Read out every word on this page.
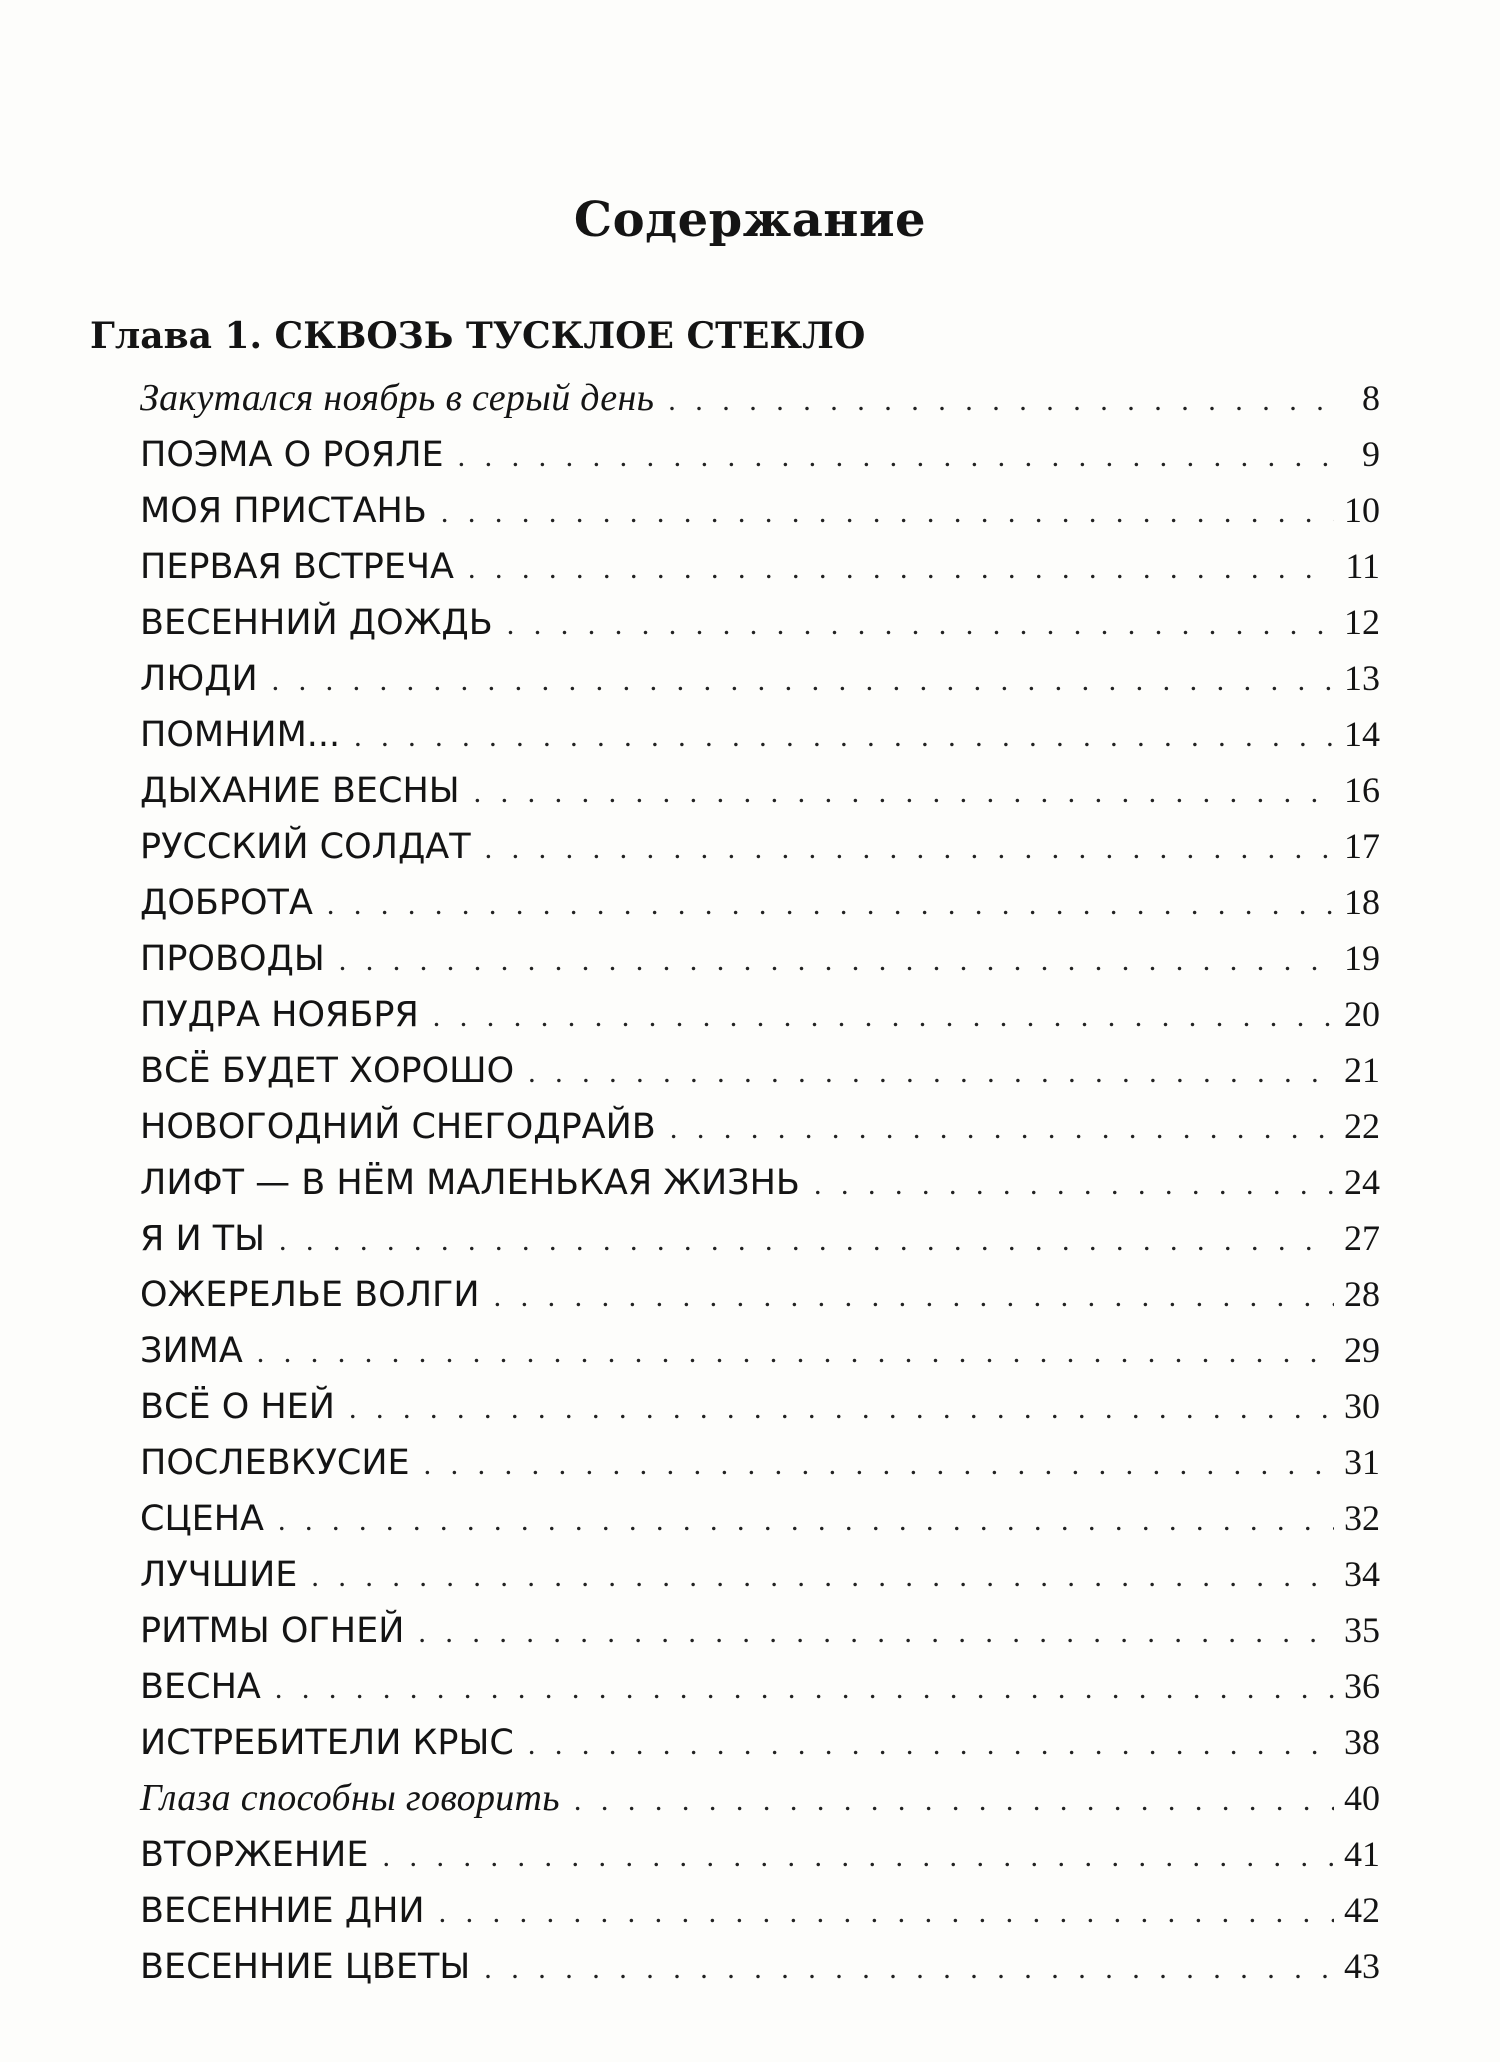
Содержание
Глава 1. СКВОЗЬ ТУСКЛОЕ СТЕКЛО
Закутался ноябрь в серый день . . .	8
ПОЭМА О РОЯЛЕ . . .	9
МОЯ ПРИСТАНЬ . . .	10
ПЕРВАЯ ВСТРЕЧА . . .	11
ВЕСЕННИЙ ДОЖДЬ . . .	12
ЛЮДИ . . .	13
ПОМНИМ... . . .	14
ДЫХАНИЕ ВЕСНЫ . . .	16
РУССКИЙ СОЛДАТ . . .	17
ДОБРОТА . . .	18
ПРОВОДЫ . . .	19
ПУДРА НОЯБРЯ . . .	20
ВСЁ БУДЕТ ХОРОШО . . .	21
НОВОГОДНИЙ СНЕГОДРАЙВ . . .	22
ЛИФТ — В НЁМ МАЛЕНЬКАЯ ЖИЗНЬ . . .	24
Я И ТЫ . . .	27
ОЖЕРЕЛЬЕ ВОЛГИ . . .	28
ЗИМА . . .	29
ВСЁ О НЕЙ . . .	30
ПОСЛЕВКУСИЕ . . .	31
СЦЕНА . . .	32
ЛУЧШИЕ . . .	34
РИТМЫ ОГНЕЙ . . .	35
ВЕСНА . . .	36
ИСТРЕБИТЕЛИ КРЫС . . .	38
Глаза способны говорить . . .	40
ВТОРЖЕНИЕ . . .	41
ВЕСЕННИЕ ДНИ . . .	42
ВЕСЕННИЕ ЦВЕТЫ . . .	43
